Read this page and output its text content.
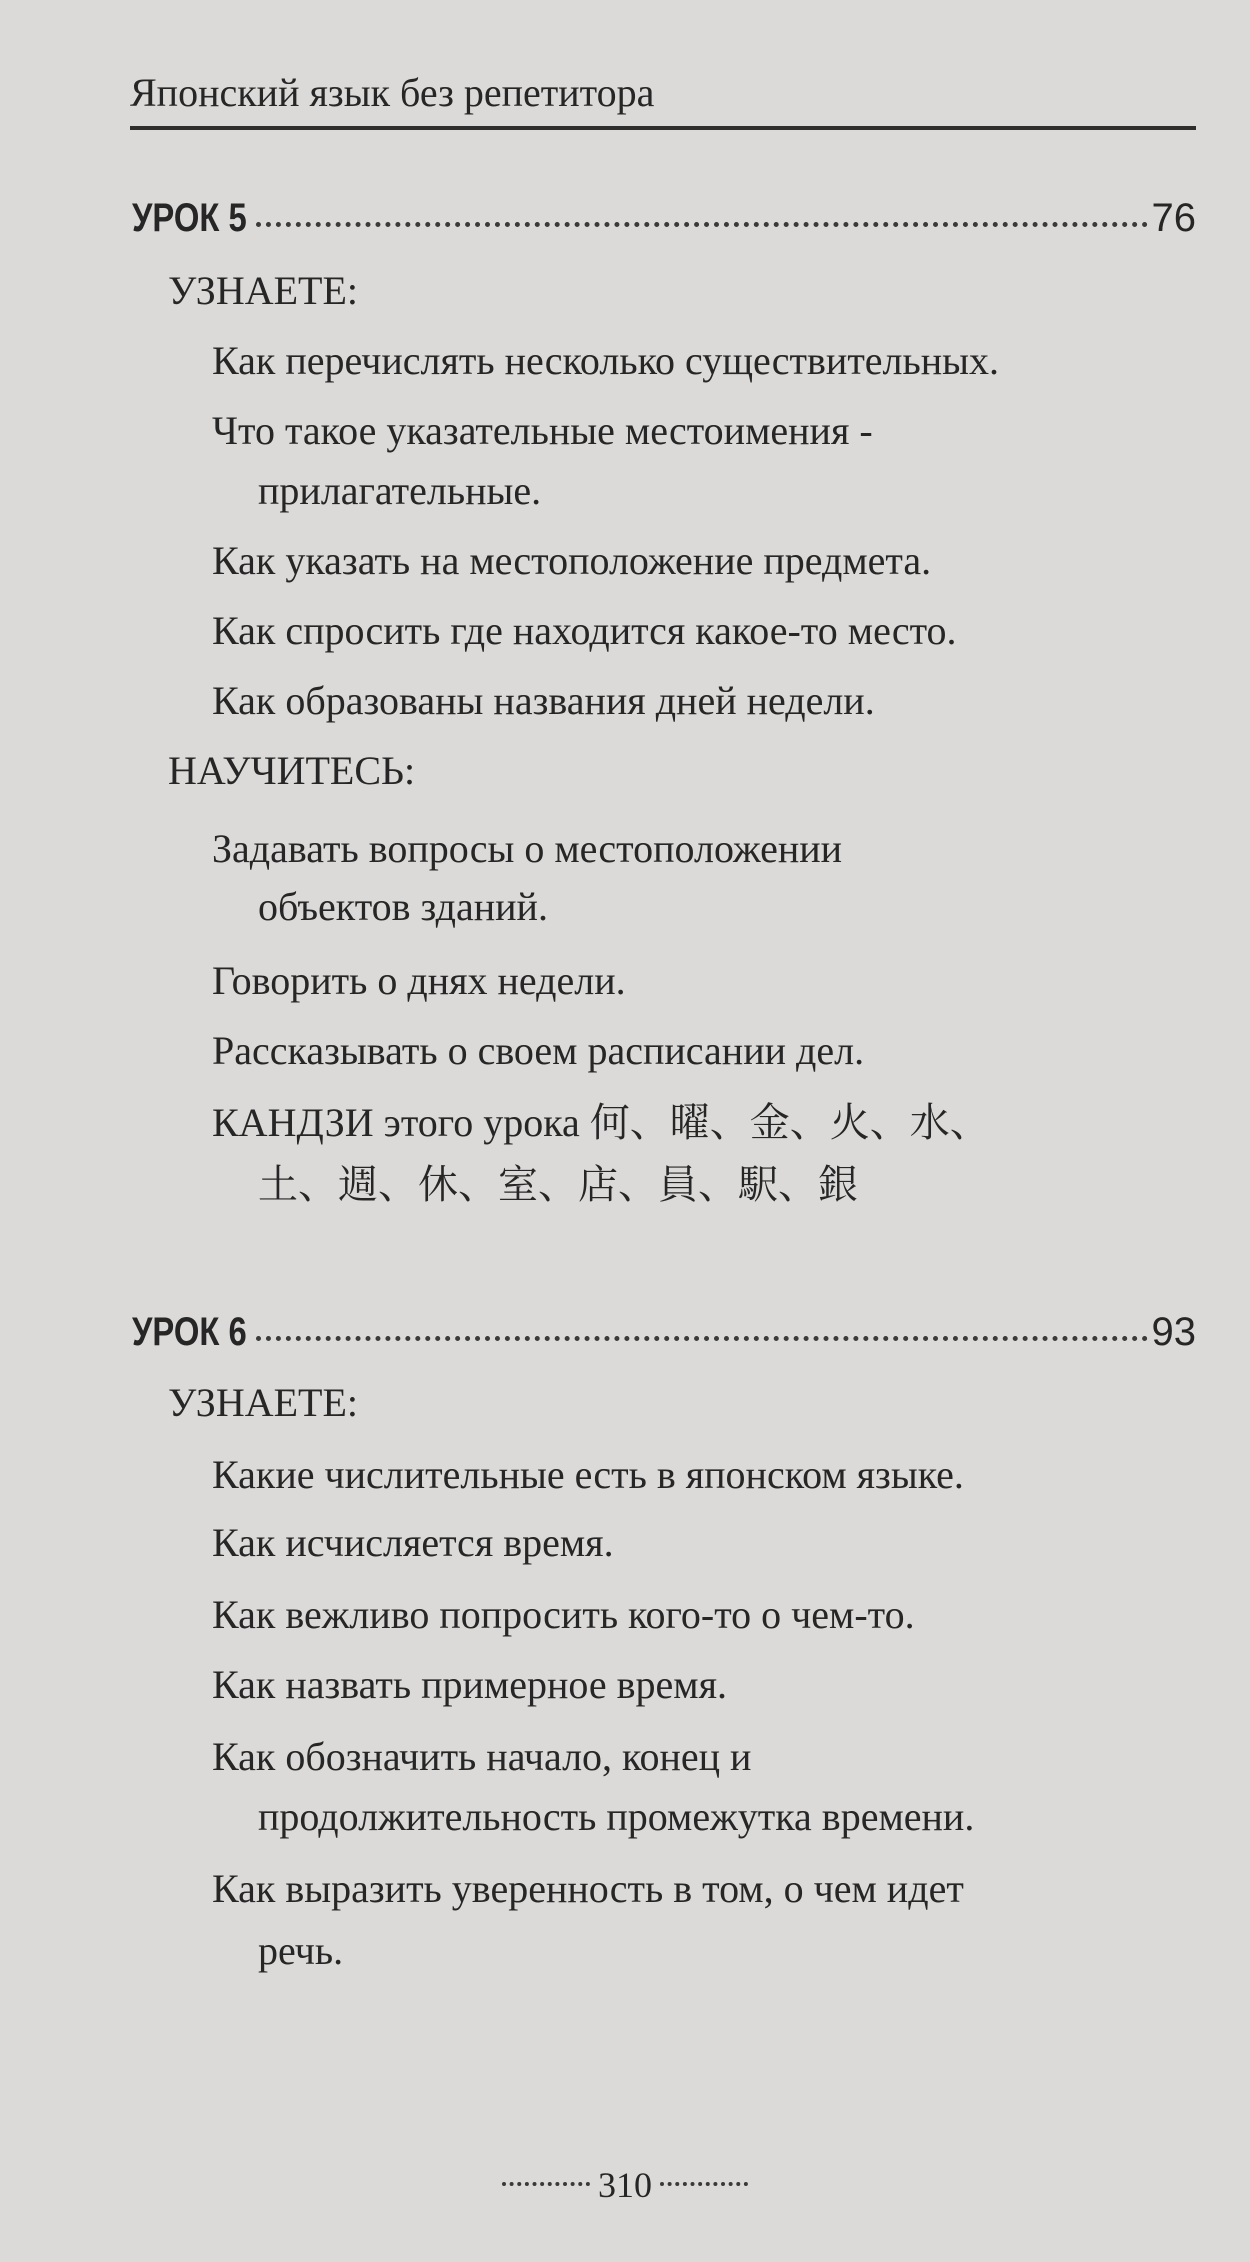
Японский язык без репетитора
УРОК 5	76
УЗНАЕТЕ:
Как перечислять несколько существительных.
Что такое указательные местоимения -
прилагательные.
Как указать на местоположение предмета.
Как спросить где находится какое-то место.
Как образованы названия дней недели.
НАУЧИТЕСЬ:
Задавать вопросы о местоположении
объектов зданий.
Говорить о днях недели.
Рассказывать о своем расписании дел.
КАНДЗИ этого урока 何、曜、金、火、水、
土、週、休、室、店、員、駅、銀
УРОК 6	93
УЗНАЕТЕ:
Какие числительные есть в японском языке.
Как исчисляется время.
Как вежливо попросить кого-то о чем-то.
Как назвать примерное время.
Как обозначить начало, конец и
продолжительность промежутка времени.
Как выразить уверенность в том, о чем идет
речь.
310
